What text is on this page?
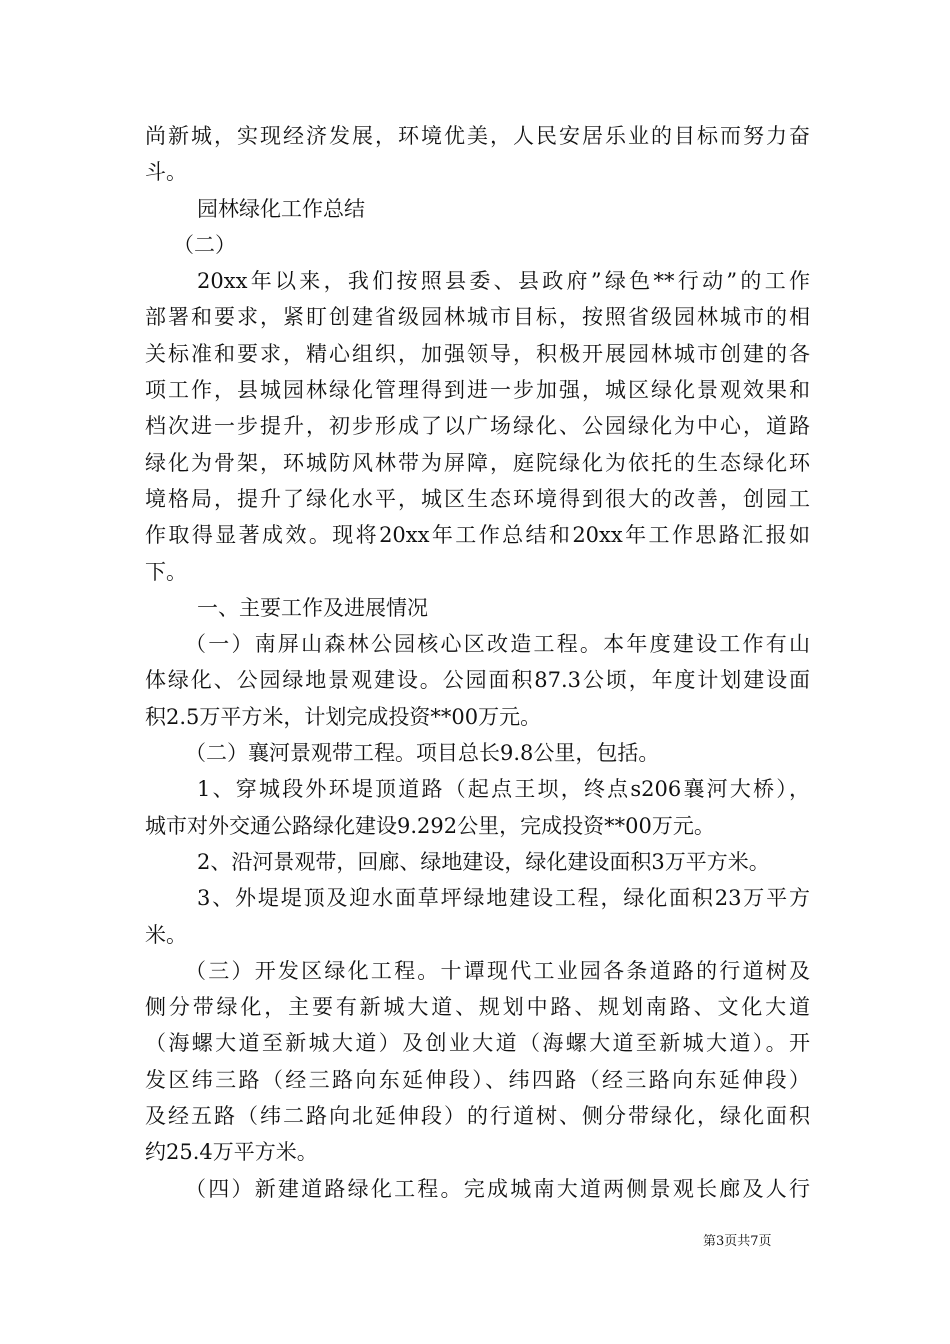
尚新城，实现经济发展，环境优美，人民安居乐业的目标而努力奋
斗。
园林绿化工作总结
（二）
20xx年以来，我们按照县委、县政府”绿色**行动”的工作
部署和要求，紧盯创建省级园林城市目标，按照省级园林城市的相
关标准和要求，精心组织，加强领导，积极开展园林城市创建的各
项工作，县城园林绿化管理得到进一步加强，城区绿化景观效果和
档次进一步提升，初步形成了以广场绿化、公园绿化为中心，道路
绿化为骨架，环城防风林带为屏障，庭院绿化为依托的生态绿化环
境格局，提升了绿化水平，城区生态环境得到很大的改善，创园工
作取得显著成效。现将20xx年工作总结和20xx年工作思路汇报如
下。
一、主要工作及进展情况
（一）南屏山森林公园核心区改造工程。本年度建设工作有山
体绿化、公园绿地景观建设。公园面积87.3公顷，年度计划建设面
积2.5万平方米，计划完成投资**00万元。
（二）襄河景观带工程。项目总长9.8公里，包括。
1、穿城段外环堤顶道路（起点王坝，终点s206襄河大桥），
城市对外交通公路绿化建设9.292公里，完成投资**00万元。
2、沿河景观带，回廊、绿地建设，绿化建设面积3万平方米。
3、外堤堤顶及迎水面草坪绿地建设工程，绿化面积23万平方
米。
（三）开发区绿化工程。十谭现代工业园各条道路的行道树及
侧分带绿化，主要有新城大道、规划中路、规划南路、文化大道
（海螺大道至新城大道）及创业大道（海螺大道至新城大道）。开
发区纬三路（经三路向东延伸段）、纬四路（经三路向东延伸段）
及经五路（纬二路向北延伸段）的行道树、侧分带绿化，绿化面积
约25.4万平方米。
（四）新建道路绿化工程。完成城南大道两侧景观长廊及人行
第3页共7页
